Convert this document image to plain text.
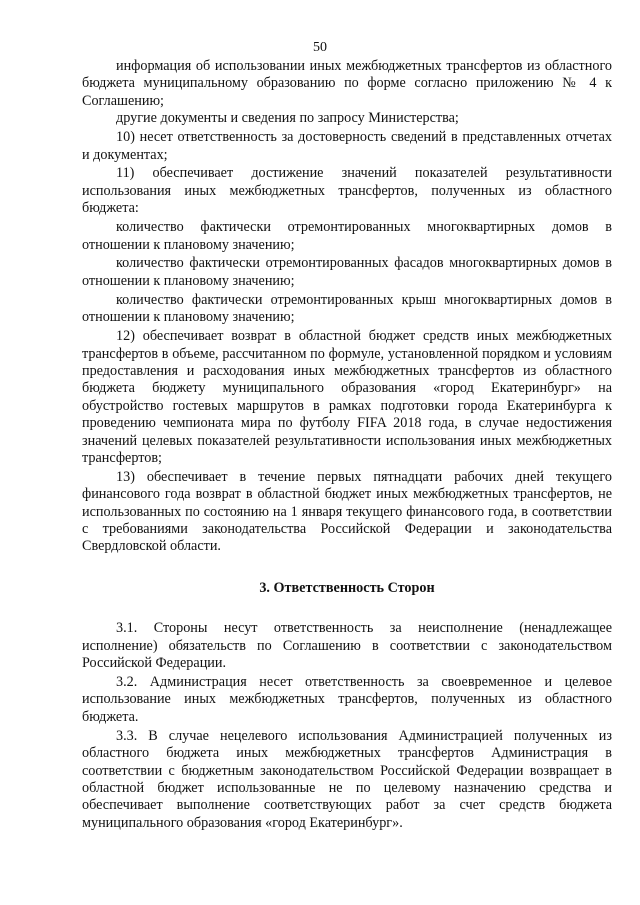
50

информация об использовании иных межбюджетных трансфертов из областного бюджета муниципальному образованию по форме согласно приложению № 4 к Соглашению;

другие документы и сведения по запросу Министерства;

10) несет ответственность за достоверность сведений в представленных отчетах и документах;

11) обеспечивает достижение значений показателей результативности использования иных межбюджетных трансфертов, полученных из областного бюджета:

количество фактически отремонтированных многоквартирных домов в отношении к плановому значению;

количество фактически отремонтированных фасадов многоквартирных домов в отношении к плановому значению;

количество фактически отремонтированных крыш многоквартирных домов в отношении к плановому значению;

12) обеспечивает возврат в областной бюджет средств иных межбюджетных трансфертов в объеме, рассчитанном по формуле, установленной порядком и условиям предоставления и расходования иных межбюджетных трансфертов из областного бюджета бюджету муниципального образования «город Екатеринбург» на обустройство гостевых маршрутов в рамках подготовки города Екатеринбурга к проведению чемпионата мира по футболу FIFA 2018 года, в случае недостижения значений целевых показателей результативности использования иных межбюджетных трансфертов;

13) обеспечивает в течение первых пятнадцати рабочих дней текущего финансового года возврат в областной бюджет иных межбюджетных трансфертов, не использованных по состоянию на 1 января текущего финансового года, в соответствии с требованиями законодательства Российской Федерации и законодательства Свердловской области.

3. Ответственность Сторон

3.1. Стороны несут ответственность за неисполнение (ненадлежащее исполнение) обязательств по Соглашению в соответствии с законодательством Российской Федерации.

3.2. Администрация несет ответственность за своевременное и целевое использование иных межбюджетных трансфертов, полученных из областного бюджета.

3.3. В случае нецелевого использования Администрацией полученных из областного бюджета иных межбюджетных трансфертов Администрация в соответствии с бюджетным законодательством Российской Федерации возвращает в областной бюджет использованные не по целевому назначению средства и обеспечивает выполнение соответствующих работ за счет средств бюджета муниципального образования «город Екатеринбург».
